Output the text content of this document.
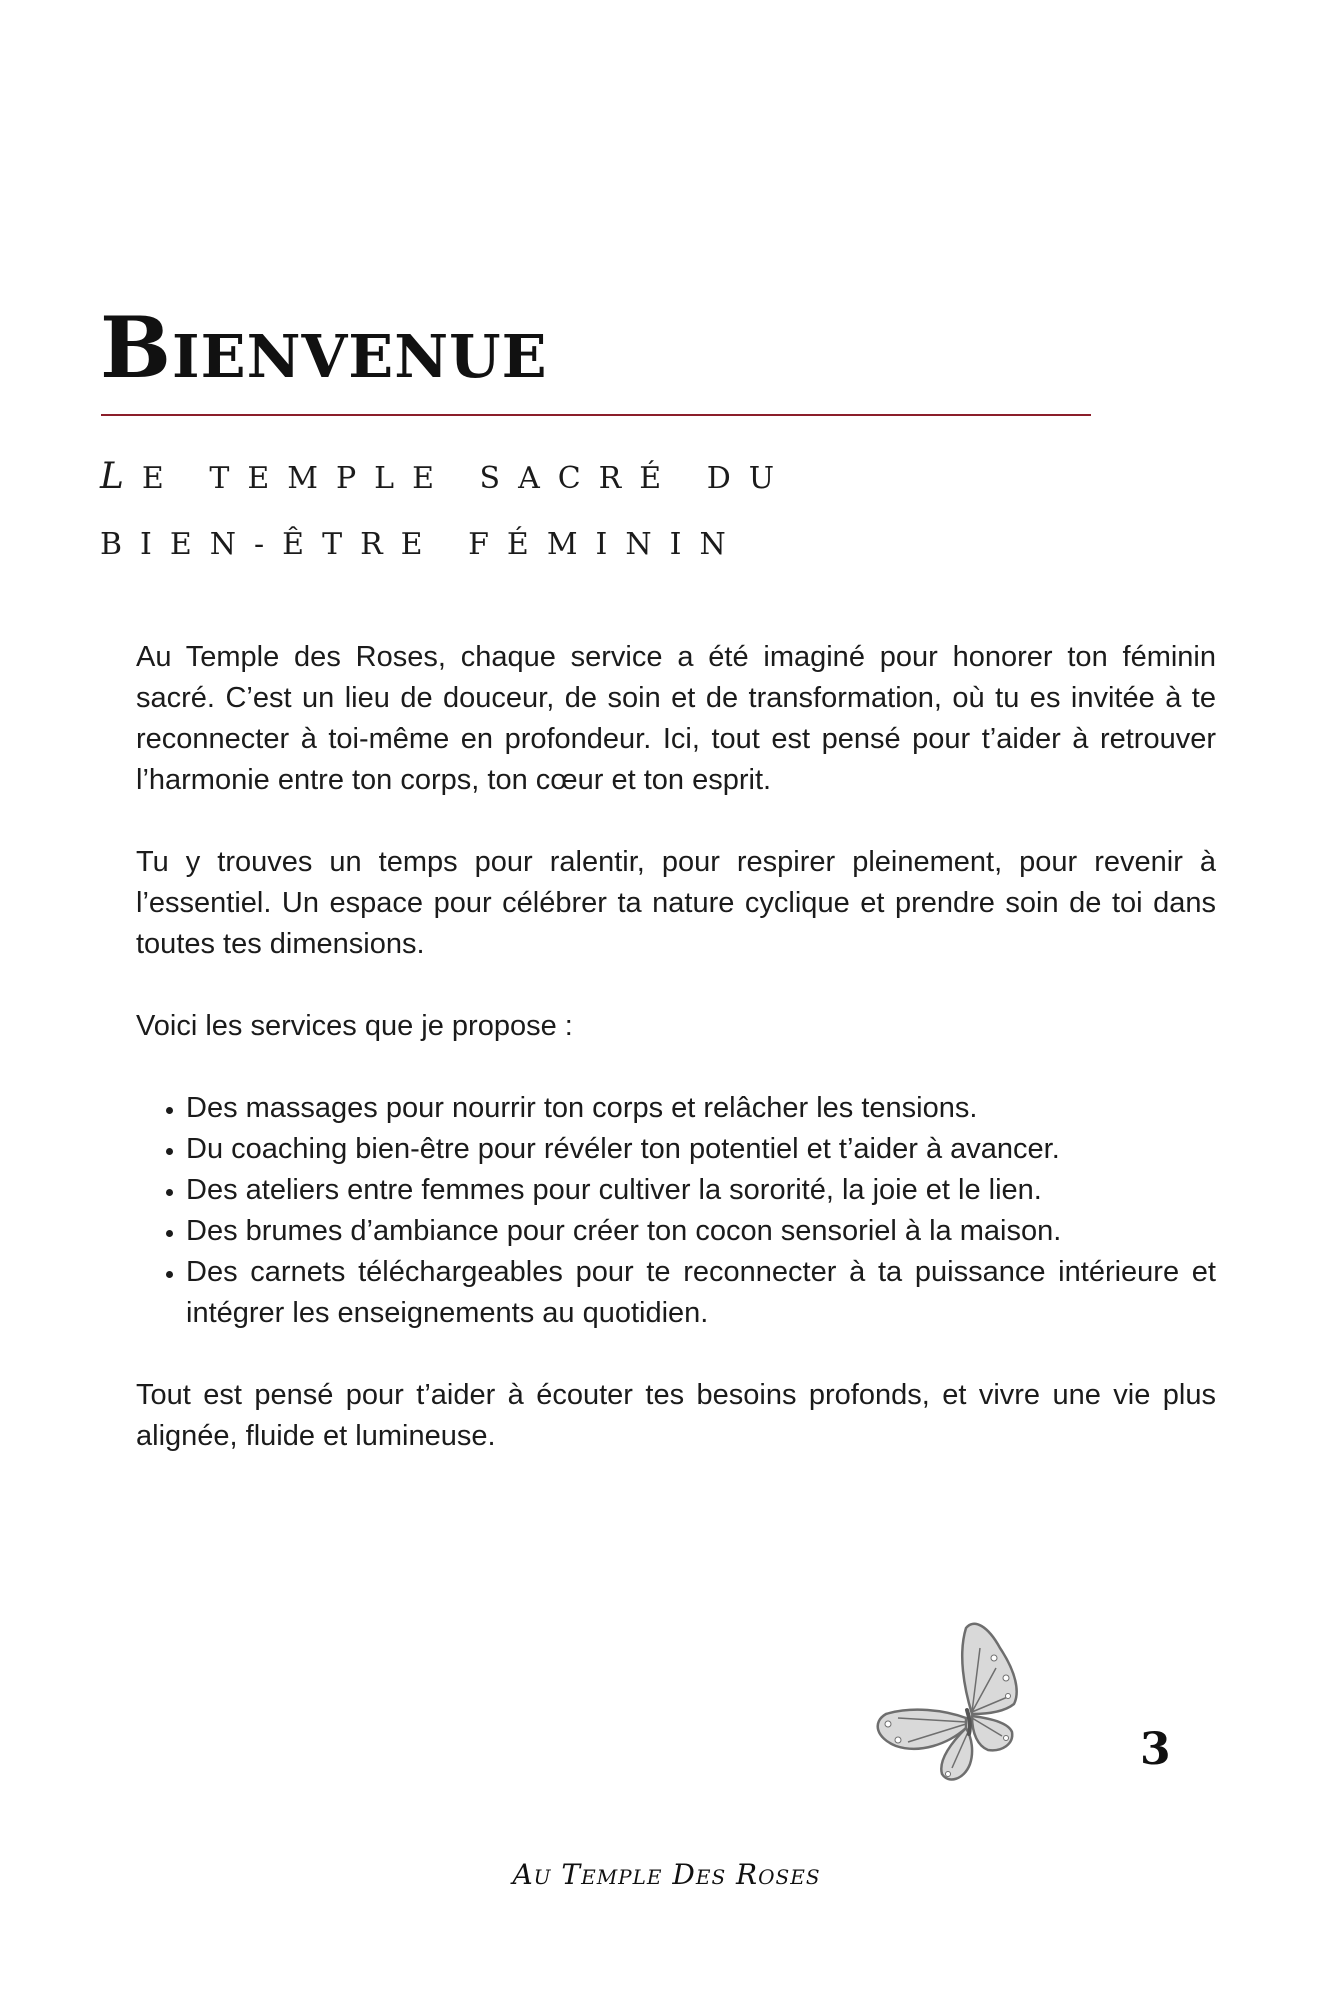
Bienvenue
LE TEMPLE SACRÉ DU BIEN-ÊTRE FÉMININ

Au Temple des Roses, chaque service a été imaginé pour honorer ton féminin sacré. C’est un lieu de douceur, de soin et de transformation, où tu es invitée à te reconnecter à toi-même en profondeur. Ici, tout est pensé pour t’aider à retrouver l’harmonie entre ton corps, ton cœur et ton esprit.

Tu y trouves un temps pour ralentir, pour respirer pleinement, pour revenir à l’essentiel. Un espace pour célébrer ta nature cyclique et prendre soin de toi dans toutes tes dimensions.

Voici les services que je propose :

• Des massages pour nourrir ton corps et relâcher les tensions.
• Du coaching bien-être pour révéler ton potentiel et t’aider à avancer.
• Des ateliers entre femmes pour cultiver la sororité, la joie et le lien.
• Des brumes d’ambiance pour créer ton cocon sensoriel à la maison.
• Des carnets téléchargeables pour te reconnecter à ta puissance intérieure et intégrer les enseignements au quotidien.

Tout est pensé pour t’aider à écouter tes besoins profonds, et vivre une vie plus alignée, fluide et lumineuse.

3
Au Temple Des Roses
